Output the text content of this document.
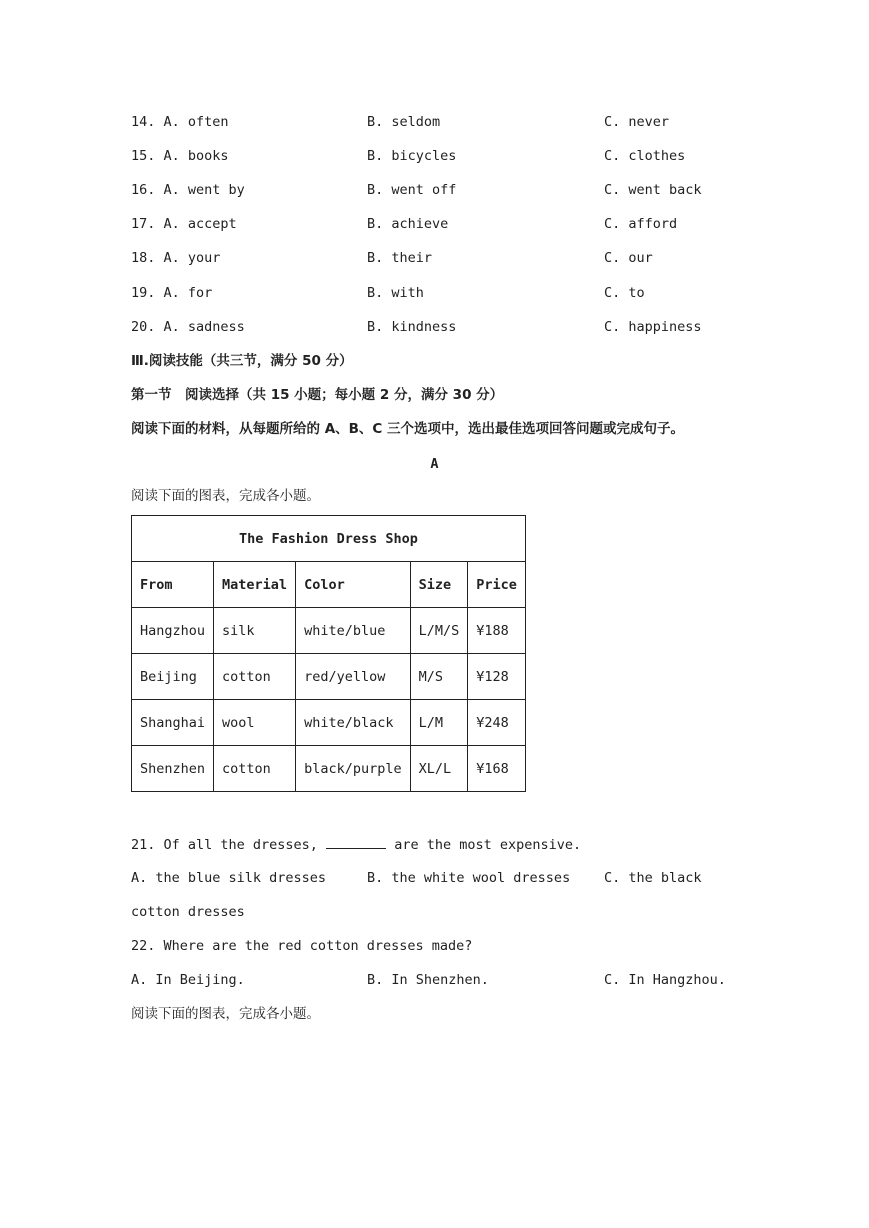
14. A. often	B. seldom	C. never
15. A. books	B. bicycles	C. clothes
16. A. went by	B. went off	C. went back
17. A. accept	B. achieve	C. afford
18. A. your	B. their	C. our
19. A. for	B. with	C. to
20. A. sadness	B. kindness	C. happiness
Ⅲ.阅读技能（共三节，满分 50 分）
第一节　阅读选择（共 15 小题；每小题 2 分，满分 30 分）
阅读下面的材料，从每题所给的 A、B、C 三个选项中，选出最佳选项回答问题或完成句子。
A
阅读下面的图表，完成各小题。
The Fashion Dress Shop				
From	Material	Color	Size	Price
Hangzhou	silk	white/blue	L/M/S	¥188
Beijing	cotton	red/yellow	M/S	¥128
Shanghai	wool	white/black	L/M	¥248
Shenzhen	cotton	black/purple	XL/L	¥168
21. Of all the dresses,	are the most expensive.
A. the blue silk dresses	B. the white wool dresses	C. the black
cotton dresses
22. Where are the red cotton dresses made?
A. In Beijing.	B. In Shenzhen.	C. In Hangzhou.
阅读下面的图表，完成各小题。
